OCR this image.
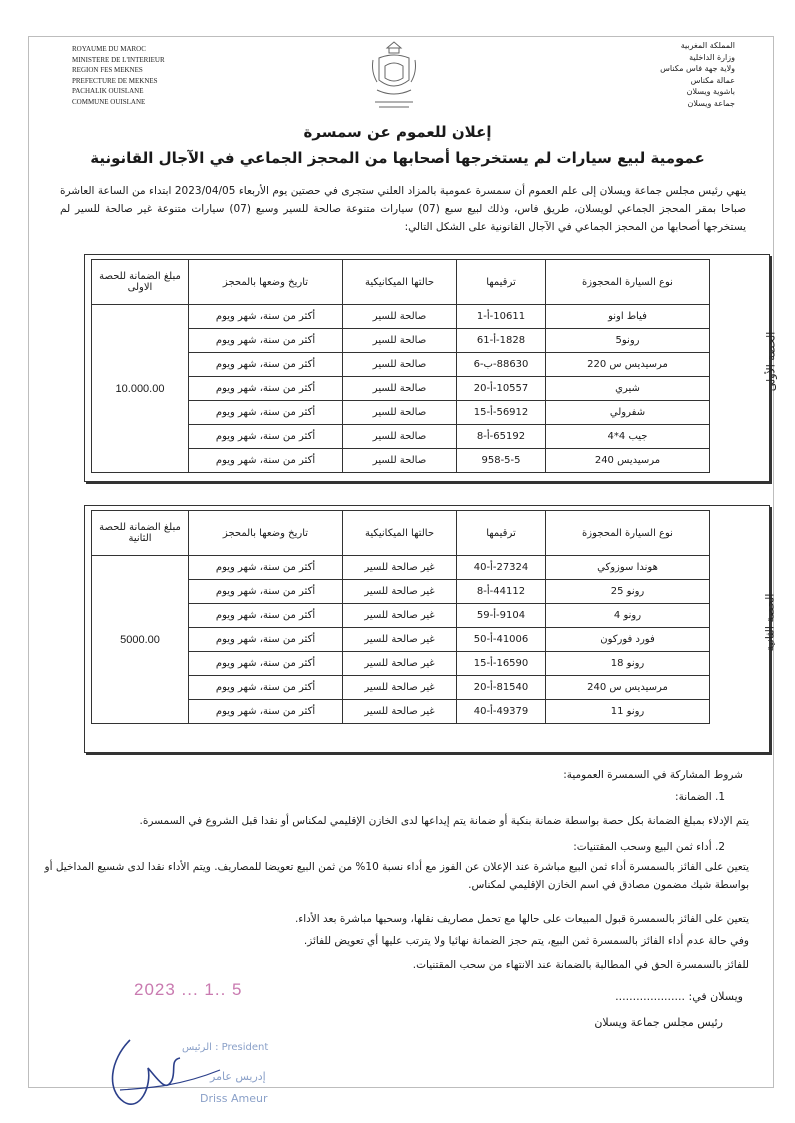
ROYAUME DU MAROC
MINISTERE DE L'INTERIEUR
REGION FES MEKNES
PREFECTURE DE MEKNES
PACHALIK OUISLANE
COMMUNE OUISLANE
المملكة المغربية
وزارة الداخلية
ولاية جهة فاس مكناس
عمالة مكناس
باشوية ويسلان
جماعة ويسلان
إعلان للعموم عن سمسرة
عمومية لبيع سيارات لم يستخرجها أصحابها من المحجز الجماعي في الآجال القانونية
ينهي رئيس مجلس جماعة ويسلان إلى علم العموم أن سمسرة عمومية بالمزاد العلني ستجرى في حصتين يوم الأربعاء 2023/04/05 ابتداء من الساعة العاشرة صباحا بمقر المحجز الجماعي لويسلان، طريق فاس، وذلك لبيع سبع (07) سيارات متنوعة صالحة للسير وسبع (07) سيارات متنوعة غير صالحة للسير لم يستخرجها أصحابها من المحجز الجماعي في الآجال القانونية على الشكل التالي:
نوع السيارة المحجوزة	ترقيمها	حالتها الميكانيكية	تاريخ وضعها بالمحجز	مبلغ الضمانة للحصة الاولى
فياط اونو	10611-أ-1	صالحة للسير	أكثر من سنة، شهر ويوم	10.000.00
رونو5	1828-أ-61	صالحة للسير	أكثر من سنة، شهر ويوم	
مرسيديس س 220	88630-ب-6	صالحة للسير	أكثر من سنة، شهر ويوم	
شيري	10557-أ-20	صالحة للسير	أكثر من سنة، شهر ويوم	
شفرولي	56912-أ-15	صالحة للسير	أكثر من سنة، شهر ويوم	
جيب 4*4	65192-أ-8	صالحة للسير	أكثر من سنة، شهر ويوم	
مرسيديس 240	958-5-5	صالحة للسير	أكثر من سنة، شهر ويوم	
الحصة الأولى
نوع السيارة المحجوزة	ترقيمها	حالتها الميكانيكية	تاريخ وضعها بالمحجز	مبلغ الضمانة للحصة الثانية
هوندا سوزوكي	27324-أ-40	غير صالحة للسير	أكثر من سنة، شهر ويوم	5000.00
رونو 25	44112-أ-8	غير صالحة للسير	أكثر من سنة، شهر ويوم	
رونو 4	9104-أ-59	غير صالحة للسير	أكثر من سنة، شهر ويوم	
فورد فوركون	41006-أ-50	غير صالحة للسير	أكثر من سنة، شهر ويوم	
رونو 18	16590-أ-15	غير صالحة للسير	أكثر من سنة، شهر ويوم	
مرسيديس س 240	81540-أ-20	غير صالحة للسير	أكثر من سنة، شهر ويوم	
رونو 11	49379-أ-40	غير صالحة للسير	أكثر من سنة، شهر ويوم	
الحصة الثانية
شروط المشاركة في السمسرة العمومية:
1. الضمانة:
يتم الإدلاء بمبلغ الضمانة بكل حصة بواسطة ضمانة بنكية أو ضمانة يتم إيداعها لدى الخازن الإقليمي لمكناس أو نقدا قبل الشروع في السمسرة.
2. أداء ثمن البيع وسحب المقتنيات:
يتعين على الفائز بالسمسرة أداء ثمن البيع مباشرة عند الإعلان عن الفوز مع أداء نسبة 10% من ثمن البيع تعويضا للمصاريف. ويتم الأداء نقدا لدى شسيع المداخيل أو بواسطة شيك مضمون مصادق في اسم الخازن الإقليمي لمكناس.
يتعين على الفائز بالسمسرة قبول المبيعات على حالها مع تحمل مصاريف نقلها، وسحبها مباشرة بعد الأداء.
وفي حالة عدم أداء الفائز بالسمسرة ثمن البيع، يتم حجز الضمانة نهائيا ولا يترتب عليها أي تعويض للفائز.
للفائز بالسمسرة الحق في المطالبة بالضمانة عند الانتهاء من سحب المقتنيات.
ويسلان في: ....................
2023 ... 1.. 5
رئيس مجلس جماعة ويسلان
الرئيس : President
إدريس عامر
Driss Ameur
